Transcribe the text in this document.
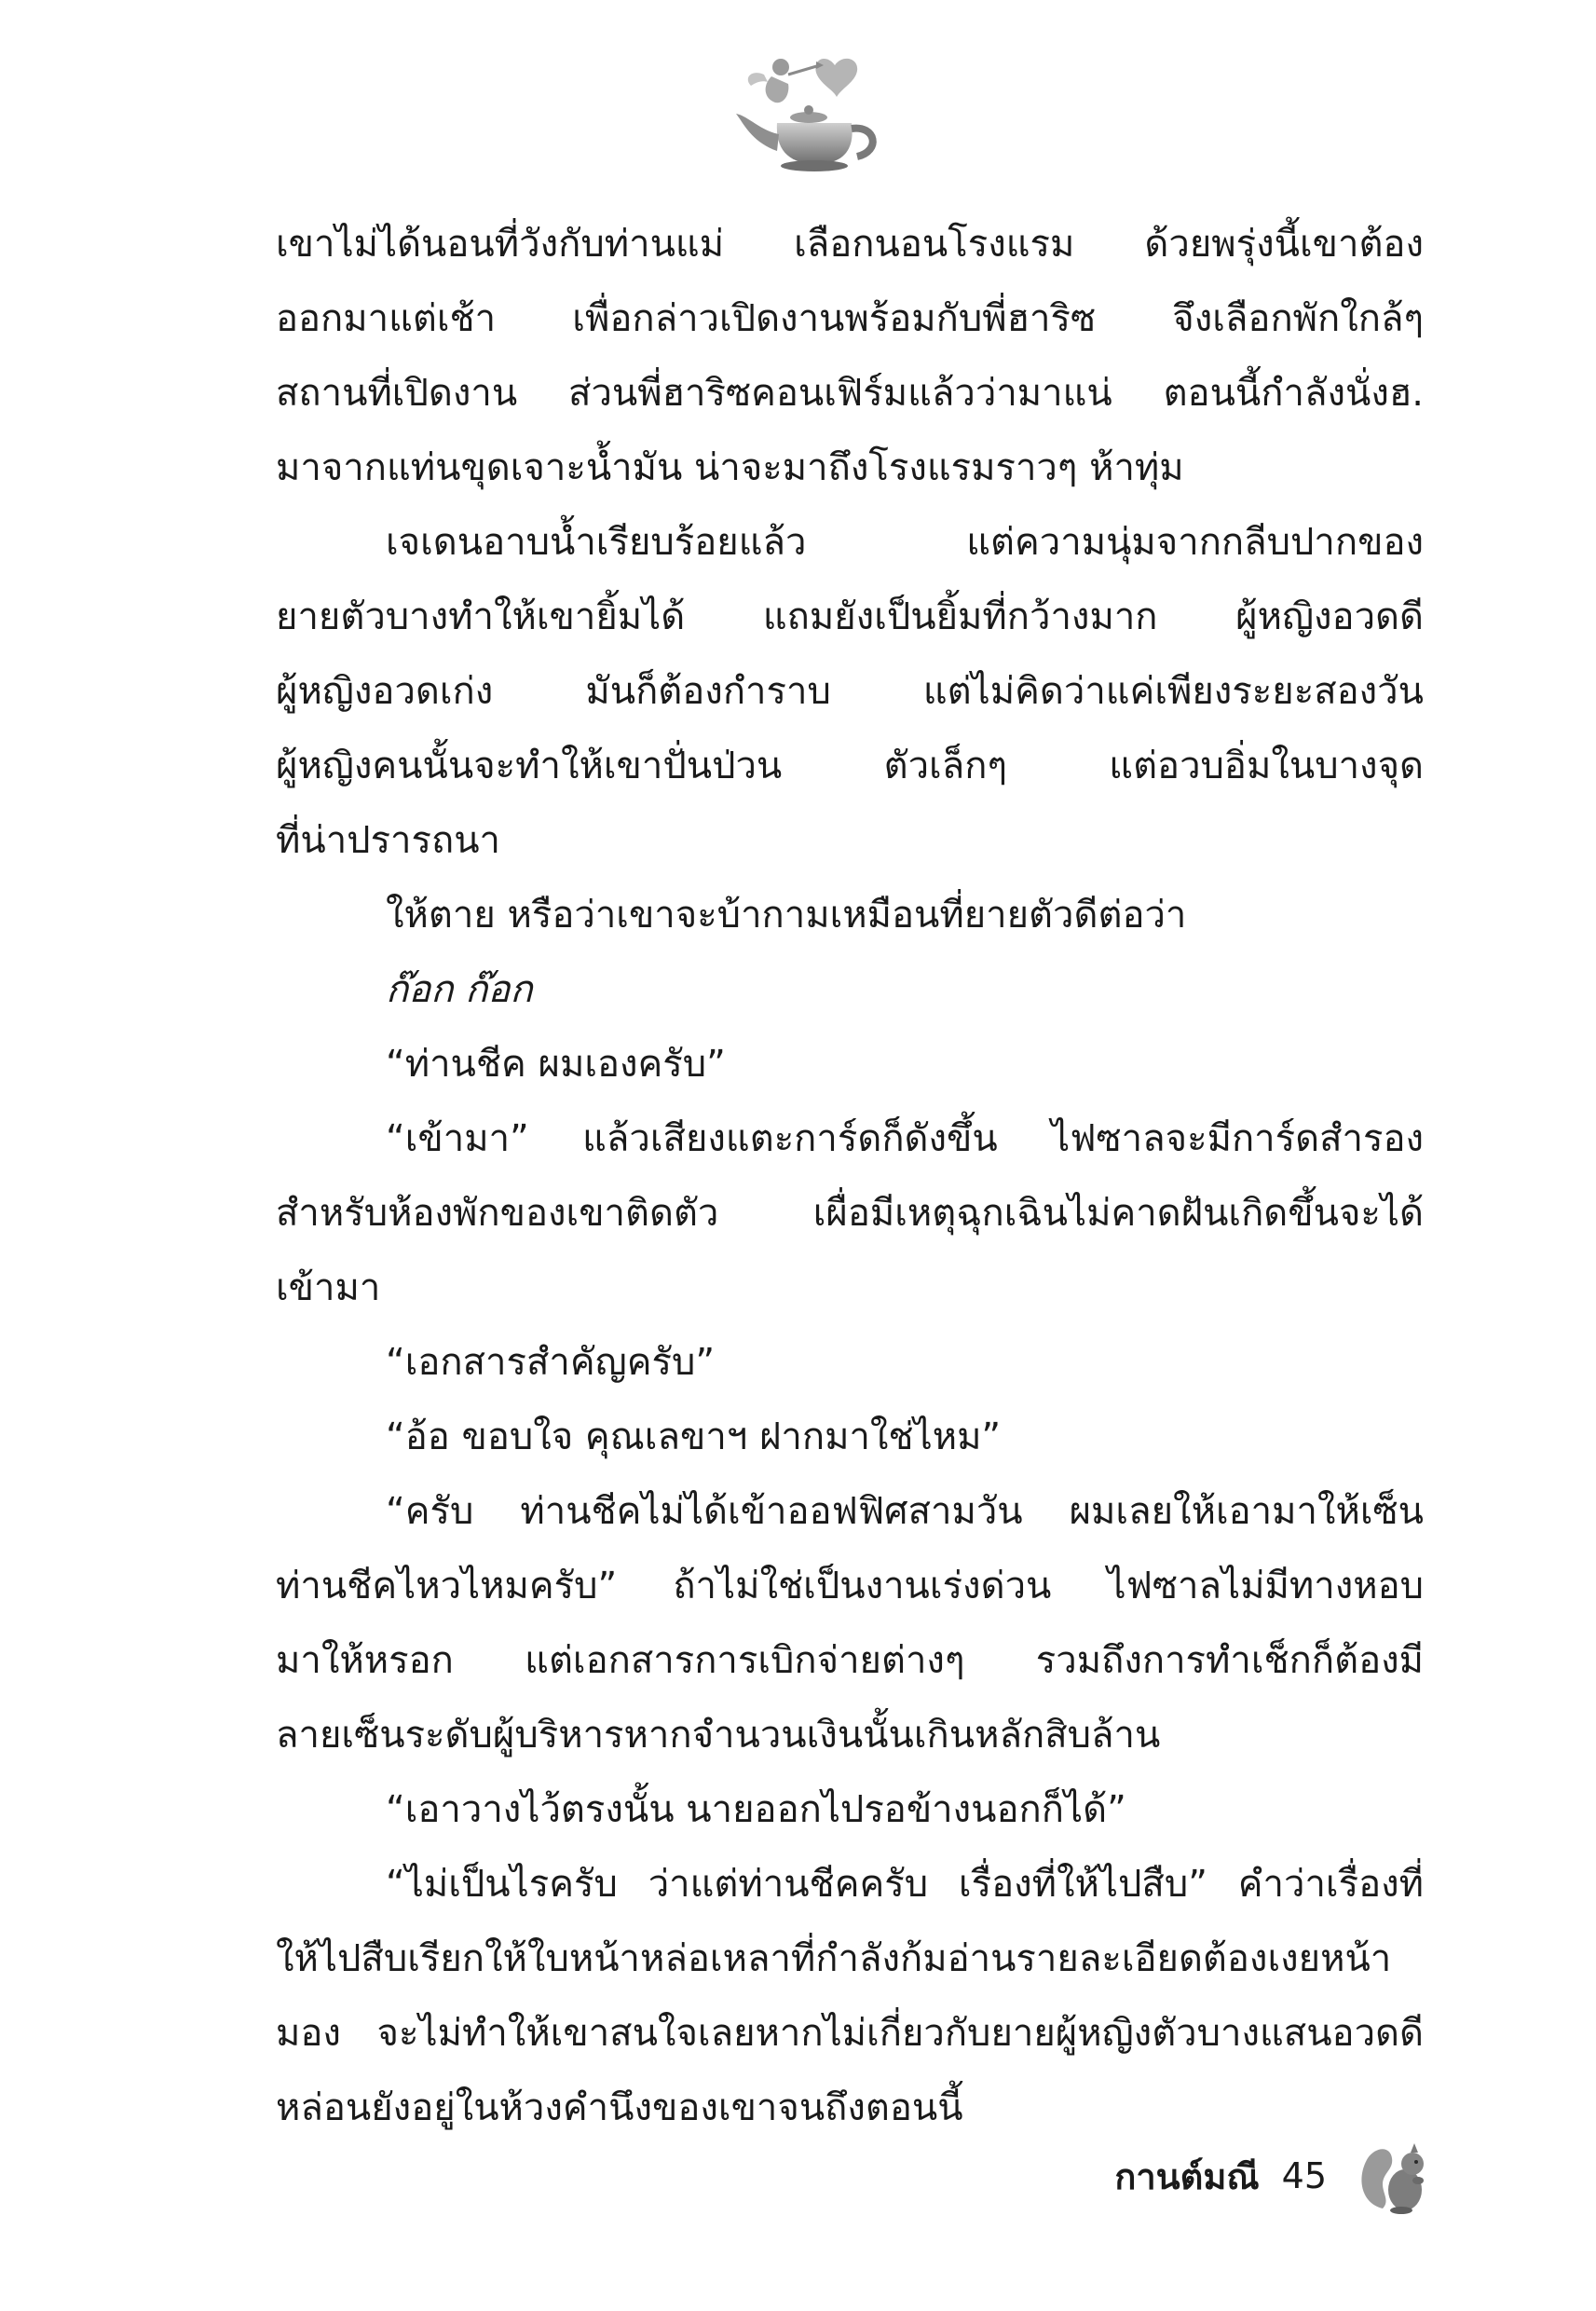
เขาไม่ได้นอนที่วังกับท่านแม่ เลือกนอนโรงแรม ด้วยพรุ่งนี้เขาต้อง
ออกมาแต่เช้า เพื่อกล่าวเปิดงานพร้อมกับพี่ฮาริซ จึงเลือกพักใกล้ๆ
สถานที่เปิดงาน ส่วนพี่ฮาริซคอนเฟิร์มแล้วว่ามาแน่ ตอนนี้กำลังนั่งฮ.
มาจากแท่นขุดเจาะน้ำมัน น่าจะมาถึงโรงแรมราวๆ ห้าทุ่ม
เจเดนอาบน้ำเรียบร้อยแล้ว แต่ความนุ่มจากกลีบปากของ
ยายตัวบางทำให้เขายิ้มได้ แถมยังเป็นยิ้มที่กว้างมาก ผู้หญิงอวดดี
ผู้หญิงอวดเก่ง มันก็ต้องกำราบ แต่ไม่คิดว่าแค่เพียงระยะสองวัน
ผู้หญิงคนนั้นจะทำให้เขาปั่นป่วน ตัวเล็กๆ แต่อวบอิ่มในบางจุด
ที่น่าปรารถนา
ให้ตาย หรือว่าเขาจะบ้ากามเหมือนที่ยายตัวดีต่อว่า
ก๊อก ก๊อก
“ท่านชีค ผมเองครับ”
“เข้ามา” แล้วเสียงแตะการ์ดก็ดังขึ้น ไฟซาลจะมีการ์ดสำรอง
สำหรับห้องพักของเขาติดตัว เผื่อมีเหตุฉุกเฉินไม่คาดฝันเกิดขึ้นจะได้
เข้ามา
“เอกสารสำคัญครับ”
“อ้อ ขอบใจ คุณเลขาฯ ฝากมาใช่ไหม”
“ครับ ท่านชีคไม่ได้เข้าออฟฟิศสามวัน ผมเลยให้เอามาให้เซ็น
ท่านชีคไหวไหมครับ” ถ้าไม่ใช่เป็นงานเร่งด่วน ไฟซาลไม่มีทางหอบ
มาให้หรอก แต่เอกสารการเบิกจ่ายต่างๆ รวมถึงการทำเช็กก็ต้องมี
ลายเซ็นระดับผู้บริหารหากจำนวนเงินนั้นเกินหลักสิบล้าน
“เอาวางไว้ตรงนั้น นายออกไปรอข้างนอกก็ได้”
“ไม่เป็นไรครับ ว่าแต่ท่านชีคครับ เรื่องที่ให้ไปสืบ” คำว่าเรื่องที่
ให้ไปสืบเรียกให้ใบหน้าหล่อเหลาที่กำลังก้มอ่านรายละเอียดต้องเงยหน้า
มอง จะไม่ทำให้เขาสนใจเลยหากไม่เกี่ยวกับยายผู้หญิงตัวบางแสนอวดดี
หล่อนยังอยู่ในห้วงคำนึงของเขาจนถึงตอนนี้
กานต์มณี 45
